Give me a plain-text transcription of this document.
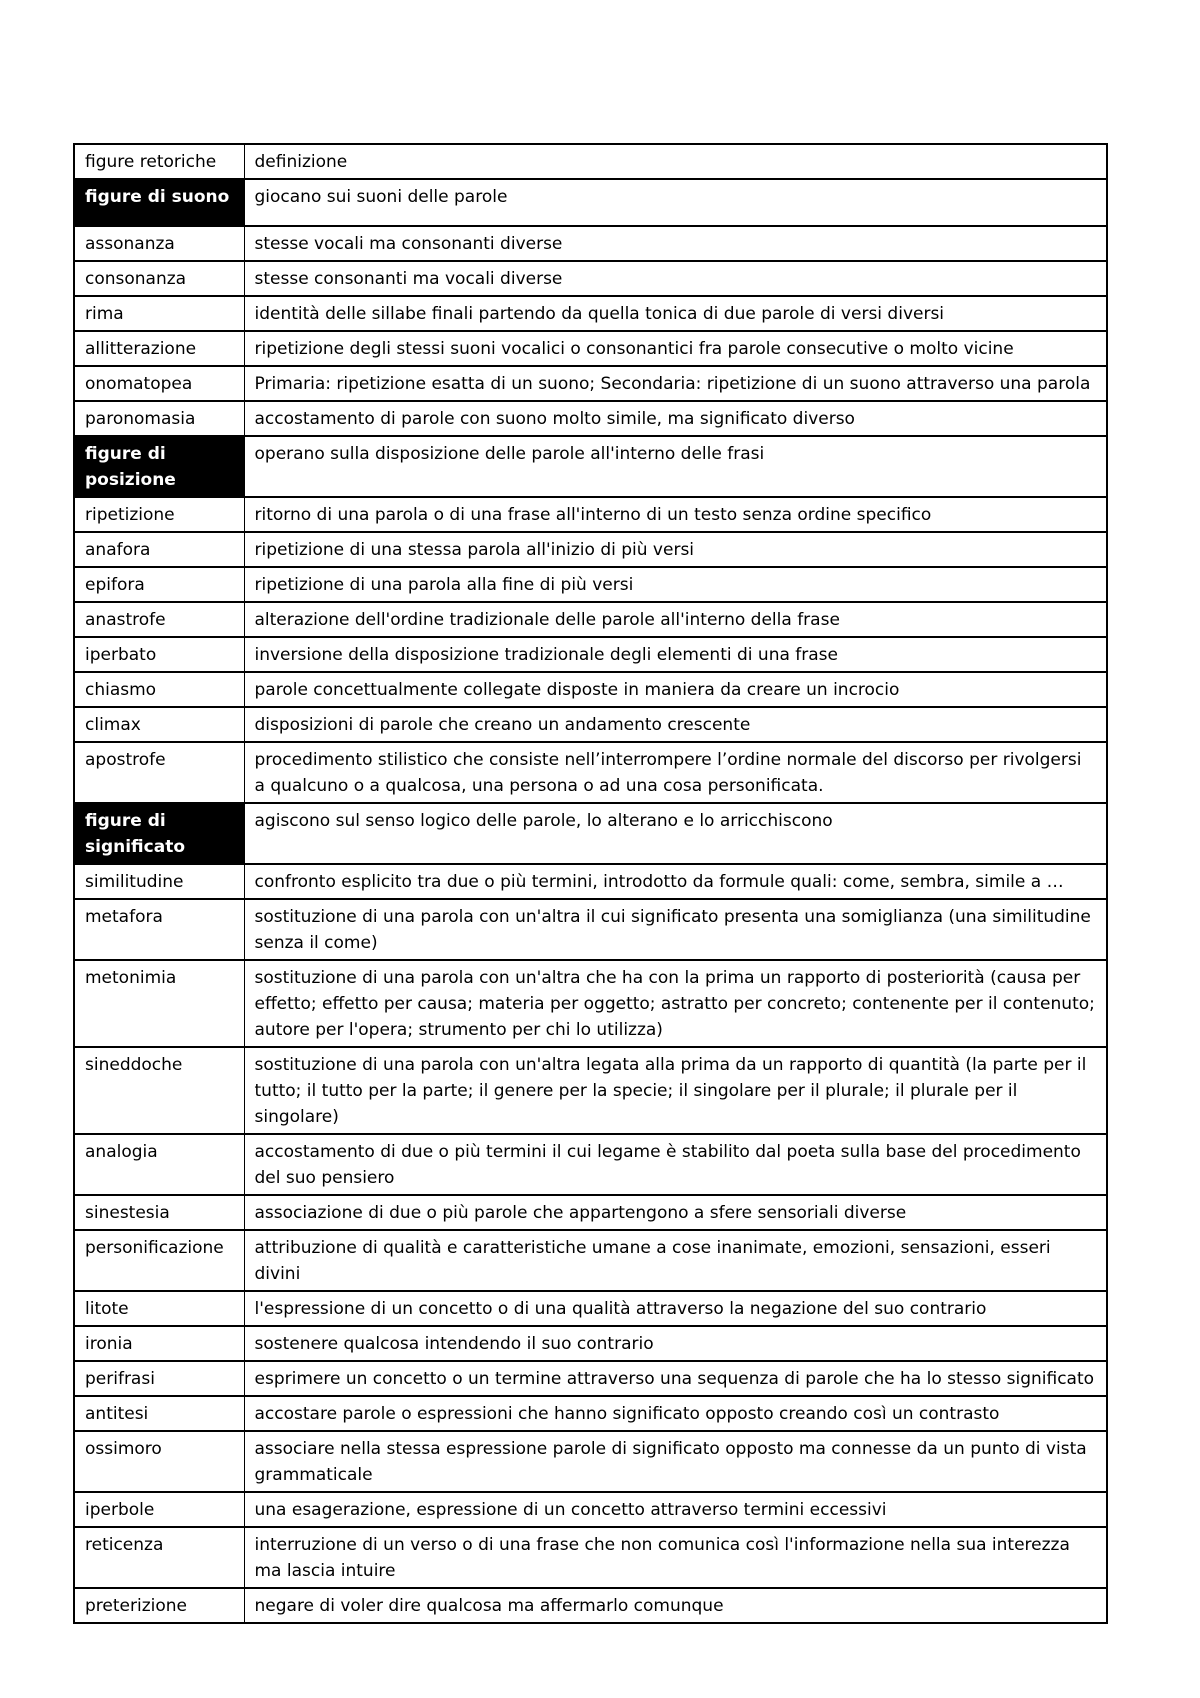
figure retoriche	definizione
figure di suono	giocano sui suoni delle parole
assonanza	stesse vocali ma consonanti diverse
consonanza	stesse consonanti ma vocali diverse
rima	identità delle sillabe finali partendo da quella tonica di due parole di versi diversi
allitterazione	ripetizione degli stessi suoni vocalici o consonantici fra parole consecutive o molto vicine
onomatopea	Primaria: ripetizione esatta di un suono; Secondaria: ripetizione di un suono attraverso una parola
paronomasia	accostamento di parole con suono molto simile, ma significato diverso
figure di posizione	operano sulla disposizione delle parole all'interno delle frasi
ripetizione	ritorno di una parola o di una frase all'interno di un testo senza ordine specifico
anafora	ripetizione di una stessa parola all'inizio di più versi
epifora	ripetizione di una parola alla fine di più versi
anastrofe	alterazione dell'ordine tradizionale delle parole all'interno della frase
iperbato	inversione della disposizione tradizionale degli elementi di una frase
chiasmo	parole concettualmente collegate disposte in maniera da creare un incrocio
climax	disposizioni di parole che creano un andamento crescente
apostrofe	procedimento stilistico che consiste nell’interrompere l’ordine normale del discorso per rivolgersi a qualcuno o a qualcosa, una persona o ad una cosa personificata.
figure di significato	agiscono sul senso logico delle parole, lo alterano e lo arricchiscono
similitudine	confronto esplicito tra due o più termini, introdotto da formule quali: come, sembra, simile a …
metafora	sostituzione di una parola con un'altra il cui significato presenta una somiglianza (una similitudine senza il come)
metonimia	sostituzione di una parola con un'altra che ha con la prima un rapporto di posteriorità (causa per effetto; effetto per causa; materia per oggetto; astratto per concreto; contenente per il contenuto; autore per l'opera; strumento per chi lo utilizza)
sineddoche	sostituzione di una parola con un'altra legata alla prima da un rapporto di quantità (la parte per il tutto; il tutto per la parte; il genere per la specie; il singolare per il plurale; il plurale per il singolare)
analogia	accostamento di due o più termini il cui legame è stabilito dal poeta sulla base del procedimento del suo pensiero
sinestesia	associazione di due o più parole che appartengono a sfere sensoriali diverse
personificazione	attribuzione di qualità e caratteristiche umane a cose inanimate, emozioni, sensazioni, esseri divini
litote	l'espressione di un concetto o di una qualità attraverso la negazione del suo contrario
ironia	sostenere qualcosa intendendo il suo contrario
perifrasi	esprimere un concetto o un termine attraverso una sequenza di parole che ha lo stesso significato
antitesi	accostare parole o espressioni che hanno significato opposto creando così un contrasto
ossimoro	associare nella stessa espressione parole di significato opposto ma connesse da un punto di vista grammaticale
iperbole	una esagerazione, espressione di un concetto attraverso termini eccessivi
reticenza	interruzione di un verso o di una frase che non comunica così l'informazione nella sua interezza ma lascia intuire
preterizione	negare di voler dire qualcosa ma affermarlo comunque
